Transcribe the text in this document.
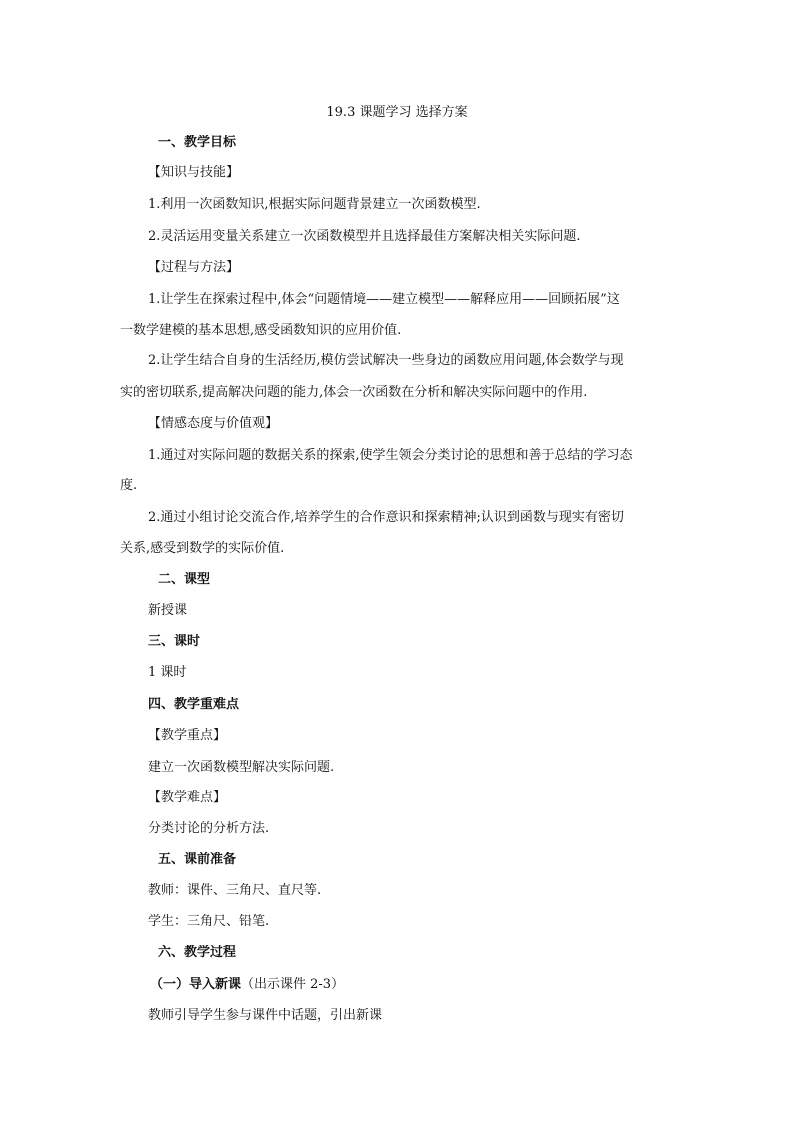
19.3 课题学习 选择方案
一、教学目标
【知识与技能】
1.利用一次函数知识,根据实际问题背景建立一次函数模型.
2.灵活运用变量关系建立一次函数模型并且选择最佳方案解决相关实际问题.
【过程与方法】
1.让学生在探索过程中,体会“问题情境——建立模型——解释应用——回顾拓展”这
一数学建模的基本思想,感受函数知识的应用价值.
2.让学生结合自身的生活经历,模仿尝试解决一些身边的函数应用问题,体会数学与现
实的密切联系,提高解决问题的能力,体会一次函数在分析和解决实际问题中的作用.
【情感态度与价值观】
1.通过对实际问题的数据关系的探索,使学生领会分类讨论的思想和善于总结的学习态
度.
2.通过小组讨论交流合作,培养学生的合作意识和探索精神;认识到函数与现实有密切
关系,感受到数学的实际价值.
二、课型
新授课
三、课时
1 课时
四、教学重难点
【教学重点】
建立一次函数模型解决实际问题.
【教学难点】
分类讨论的分析方法.
五、课前准备
教师：课件、三角尺、直尺等.
学生：三角尺、铅笔.
六、教学过程
（一）导入新课（出示课件 2-3）
教师引导学生参与课件中话题，引出新课
